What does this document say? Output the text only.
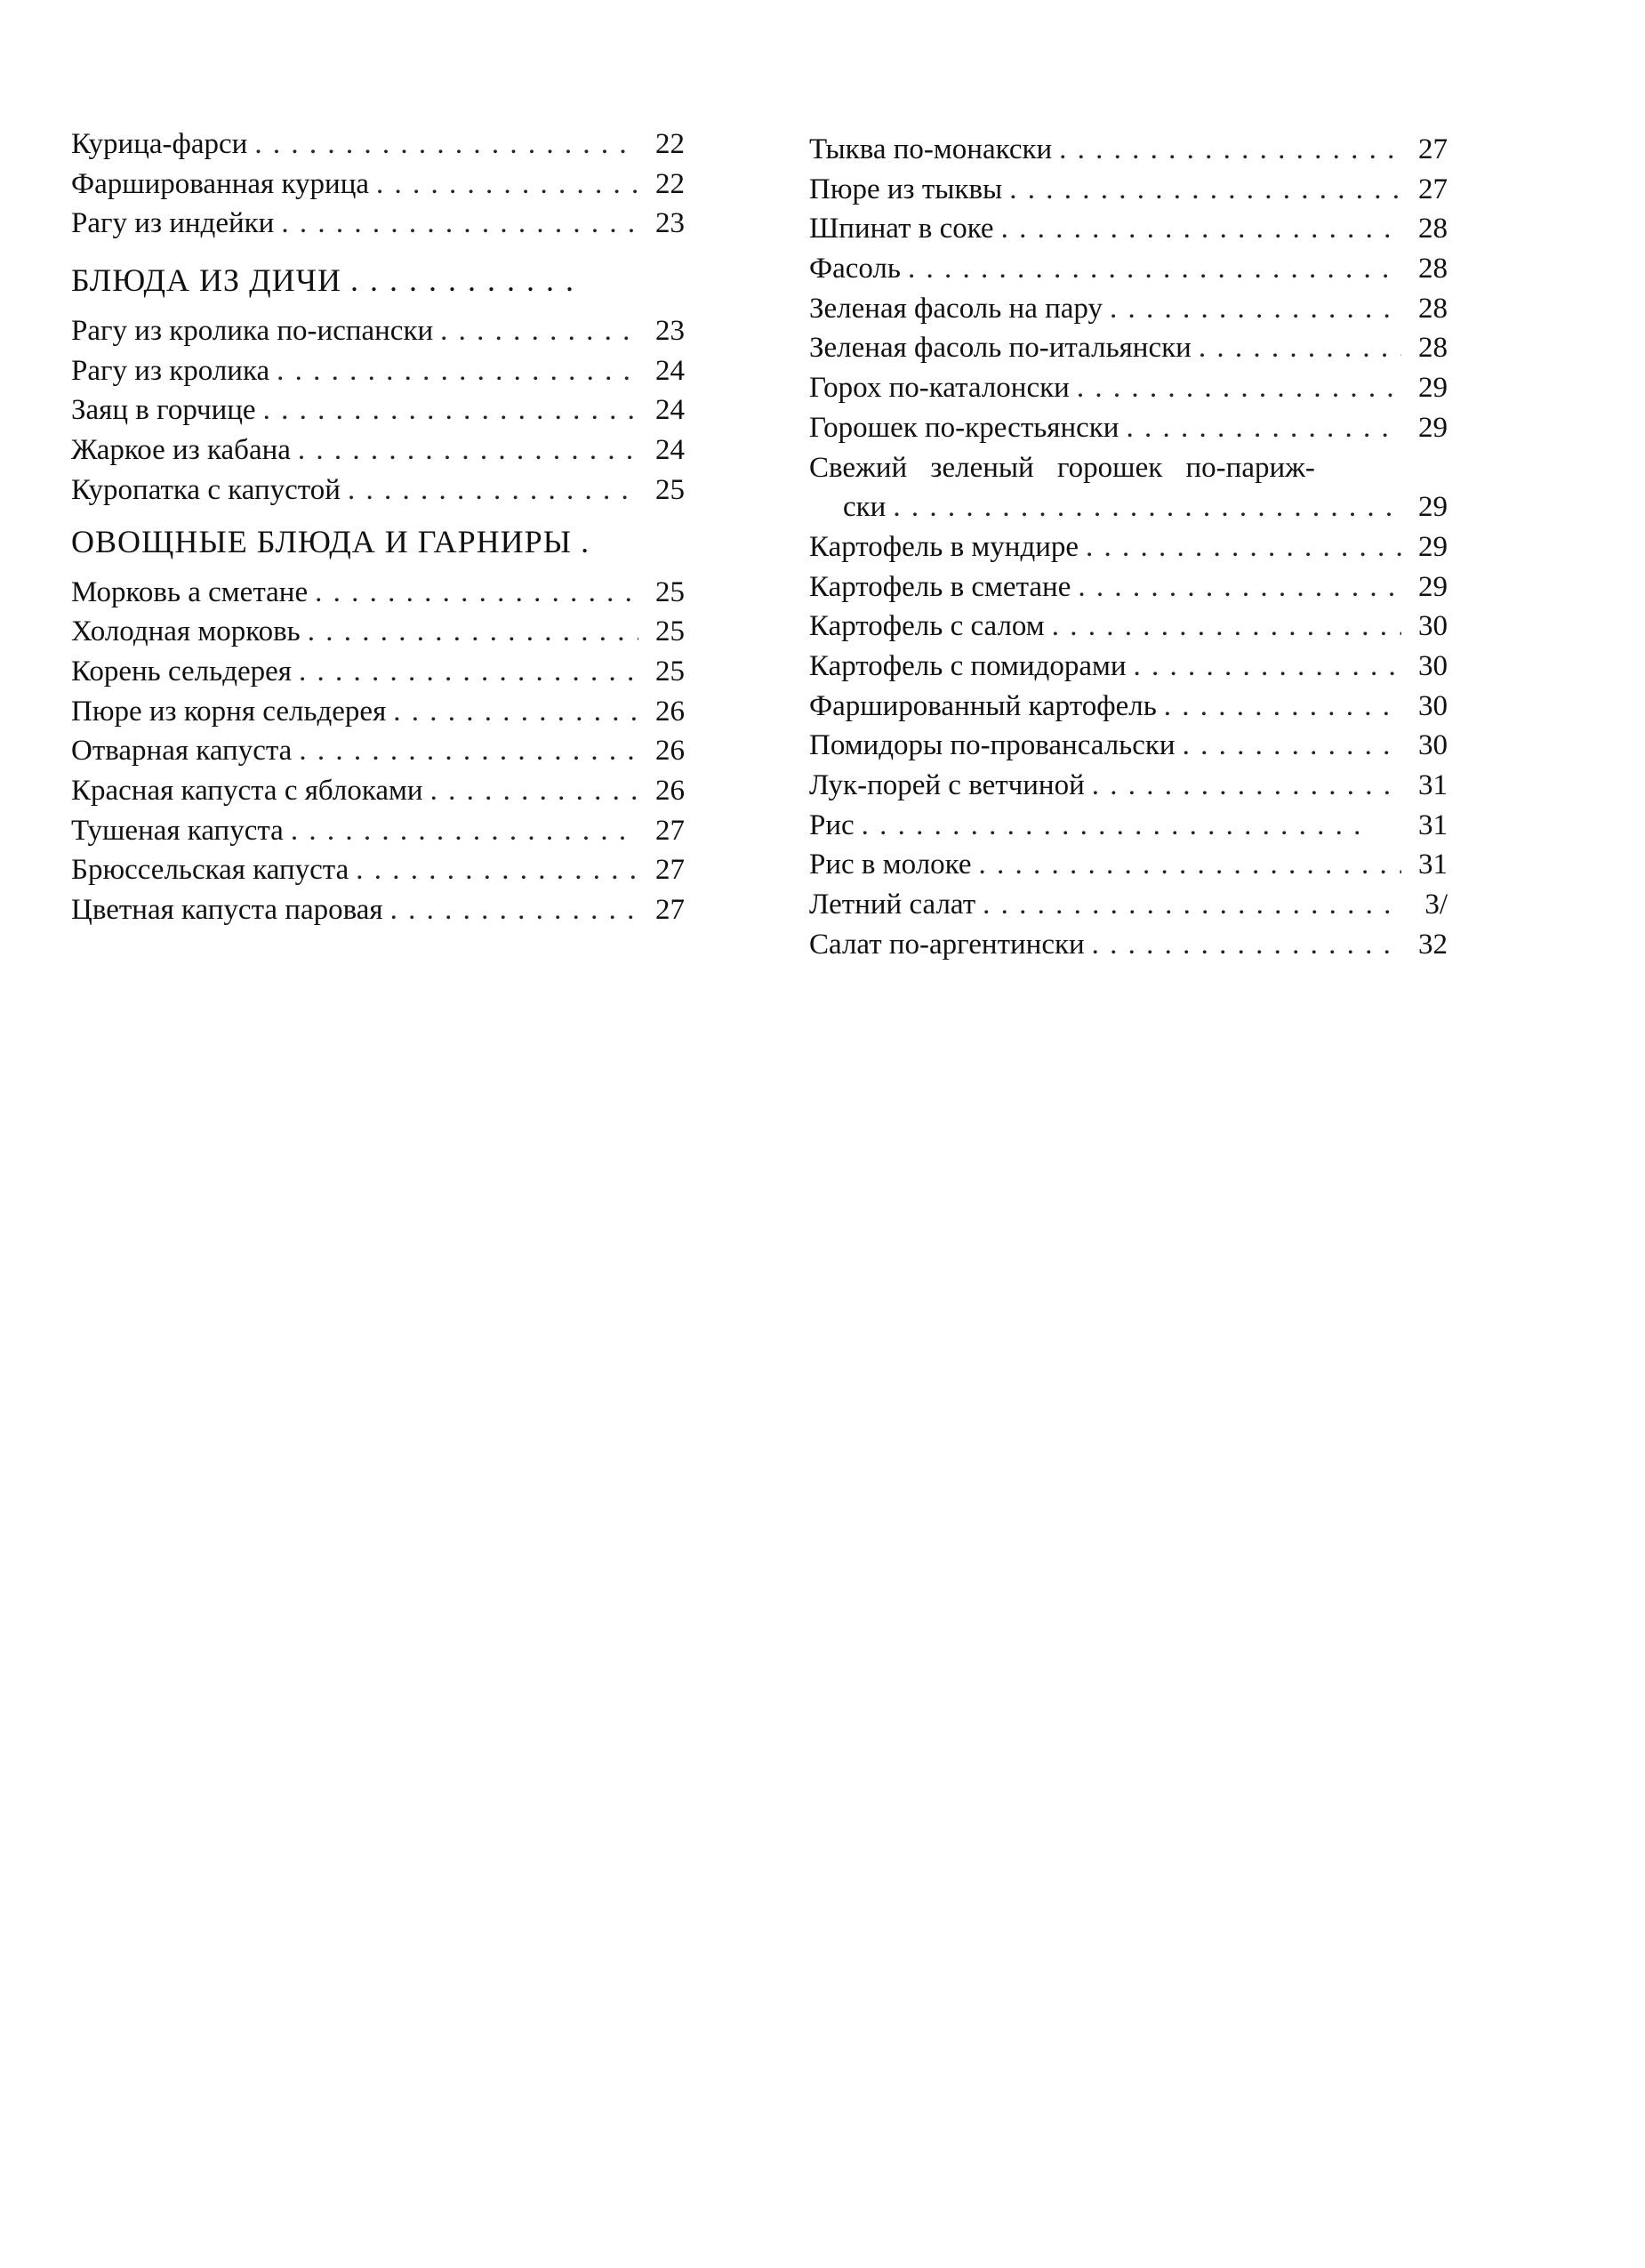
Курица-фарси . .	22
Фаршированная курица . .	22
Рагу из индейки . .	23
БЛЮДА ИЗ ДИЧИ
. .
Рагу из кролика по-испански . .	23
Рагу из кролика . .	24
Заяц в горчице . .	24
Жаркое из кабана . .	24
Куропатка с капустой . .	25
ОВОЩНЫЕ БЛЮДА И ГАРНИРЫ .
Морковь а сметане . .	25
Холодная морковь . .	25
Корень сельдерея . .	25
Пюре из корня сельдерея . .	26
Отварная капуста . .	26
Красная капуста с яблоками . .	26
Тушеная капуста . .	27
Брюссельская капуста . .	27
Цветная капуста паровая . .	27
Тыква по-монакски . .	27
Пюре из тыквы . .	27
Шпинат в соке . .	28
Фасоль . .	28
Зеленая фасоль на пару . .	28
Зеленая фасоль по-итальянски . .	28
Горох по-каталонски . .	29
Горошек по-крестьянски . .	29
Свежий зеленый горошек по-париж-
ски . .	29
Картофель в мундире . .	29
Картофель в сметане . .	29
Картофель с салом . .	30
Картофель с помидорами . .	30
Фаршированный картофель . .	30
Помидоры по-провансальски . .	30
Лук-порей с ветчиной . .	31
Рис . .	31
Рис в молоке . .	31
Летний салат . .	3/
Салат по-аргентински . .	32
